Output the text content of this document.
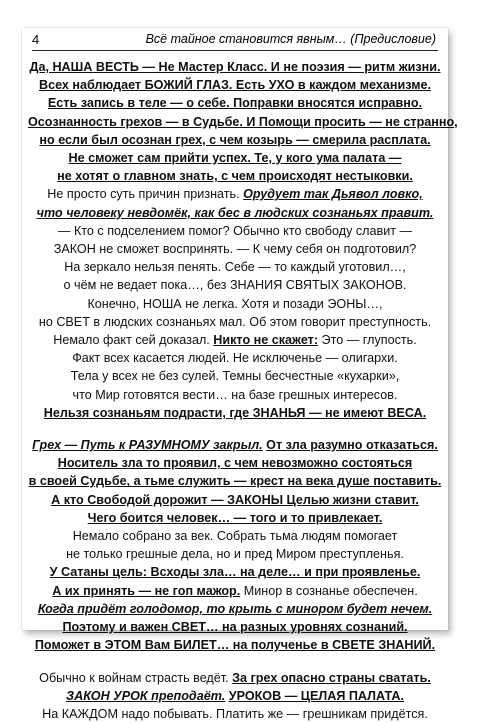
4	Всё тайное становится явным… (Предисловие)
Да, НАША ВЕСТЬ — Не Мастер Класс. И не поэзия — ритм жизни.
Всех наблюдает БОЖИЙ ГЛАЗ. Есть УХО в каждом механизме.
Есть запись в теле — о себе. Поправки вносятся исправно.
Осознанность грехов — в Судьбе. И Помощи просить — не странно,
но если был осознан грех, с чем козырь — смерила расплата.
Не сможет сам прийти успех. Те, у кого ума палата —
не хотят о главном знать, с чем происходят нестыковки.
Не просто суть причин признать. Орудует так Дьявол ловко,
что человеку невдомёк, как бес в людских сознаньях правит.
— Кто с подселением помог? Обычно кто свободу славит —
ЗАКОН не сможет воспринять. — К чему себя он подготовил?
На зеркало нельзя пенять. Себе — то каждый уготовил…,
о чём не ведает пока…, без ЗНАНИЯ СВЯТЫХ ЗАКОНОВ.
Конечно, НОША не легка. Хотя и позади ЭОНЫ…,
но СВЕТ в людских сознаньях мал. Об этом говорит преступность.
Немало факт сей доказал. Никто не скажет: Это — глупость.
Факт всех касается людей. Не исключенье — олигархи.
Тела у всех не без сулей. Темны бесчестные «кухарки»,
что Мир готовятся вести… на базе грешных интересов.
Нельзя сознаньям подрасти, где ЗНАНЬЯ — не имеют ВЕСА.
Грех — Путь к РАЗУМНОМУ закрыл. От зла разумно отказаться.
Носитель зла то проявил, с чем невозможно состояться
в своей Судьбе, а тьме служить — крест на века душе поставить.
А кто Свободой дорожит — ЗАКОНЫ Целью жизни ставит.
Чего боится человек… — того и то привлекает.
Немало собрано за век. Собрать тьма людям помогает
не только грешные дела, но и пред Миром преступленья.
У Сатаны цель: Всходы зла… на деле… и при проявленье.
А их принять — не гоп мажор. Минор в сознанье обеспечен.
Когда придёт голодомор, то крыть с минором будет нечем.
Поэтому и важен СВЕТ… на разных уровнях сознаний.
Поможет в ЭТОМ Вам БИЛЕТ… на полученье в СВЕТЕ ЗНАНИЙ.
Обычно к войнам страсть ведёт. За грех опасно страны сватать.
ЗАКОН УРОК преподаёт. УРОКОВ — ЦЕЛАЯ ПАЛАТА.
На КАЖДОМ надо побывать. Платить же — грешникам придётся.
